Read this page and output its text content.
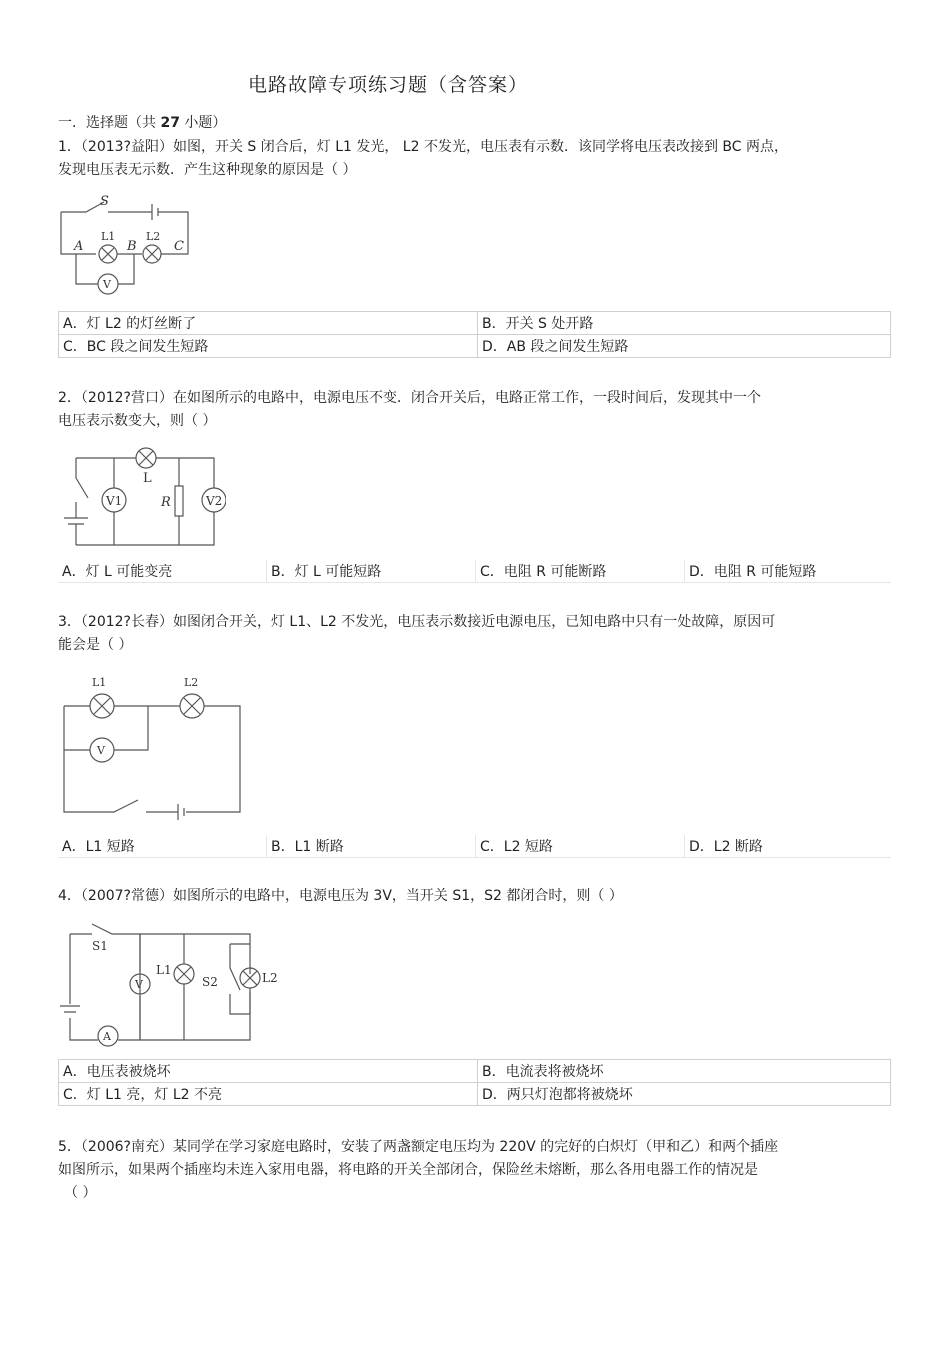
电路故障专项练习题（含答案）
一．选择题（共 27 小题）
1．（2013?益阳）如图，开关 S 闭合后，灯 L1 发光， L2 不发光，电压表有示数．该同学将电压表改接到 BC 两点，
发现电压表无示数．产生这种现象的原因是（ ）
S
A	B	C
L1	L2
V
A．灯 L2 的灯丝断了	B．开关 S 处开路
C．BC 段之间发生短路	D．AB 段之间发生短路
2．（2012?营口）在如图所示的电路中，电源电压不变．闭合开关后，电路正常工作，一段时间后，发现其中一个
电压表示数变大，则（ ）
V1	V2
L
R
A．灯 L 可能变亮	B．灯 L 可能短路	C．电阻 R 可能断路	D．电阻 R 可能短路
3．（2012?长春）如图闭合开关，灯 L1、L2 不发光，电压表示数接近电源电压，已知电路中只有一处故障，原因可
能会是（ ）
L1	L2
V
A．L1 短路	B．L1 断路	C．L2 短路	D．L2 断路
4．（2007?常德）如图所示的电路中，电源电压为 3V，当开关 S1，S2 都闭合时，则（ ）
S1
L1
S2	L2
V
A
A．电压表被烧坏	B．电流表将被烧坏
C．灯 L1 亮，灯 L2 不亮	D．两只灯泡都将被烧坏
5．（2006?南充）某同学在学习家庭电路时，安装了两盏额定电压均为 220V 的完好的白炽灯（甲和乙）和两个插座
如图所示，如果两个插座均未连入家用电器，将电路的开关全部闭合，保险丝未熔断，那么各用电器工作的情况是
（ ）
